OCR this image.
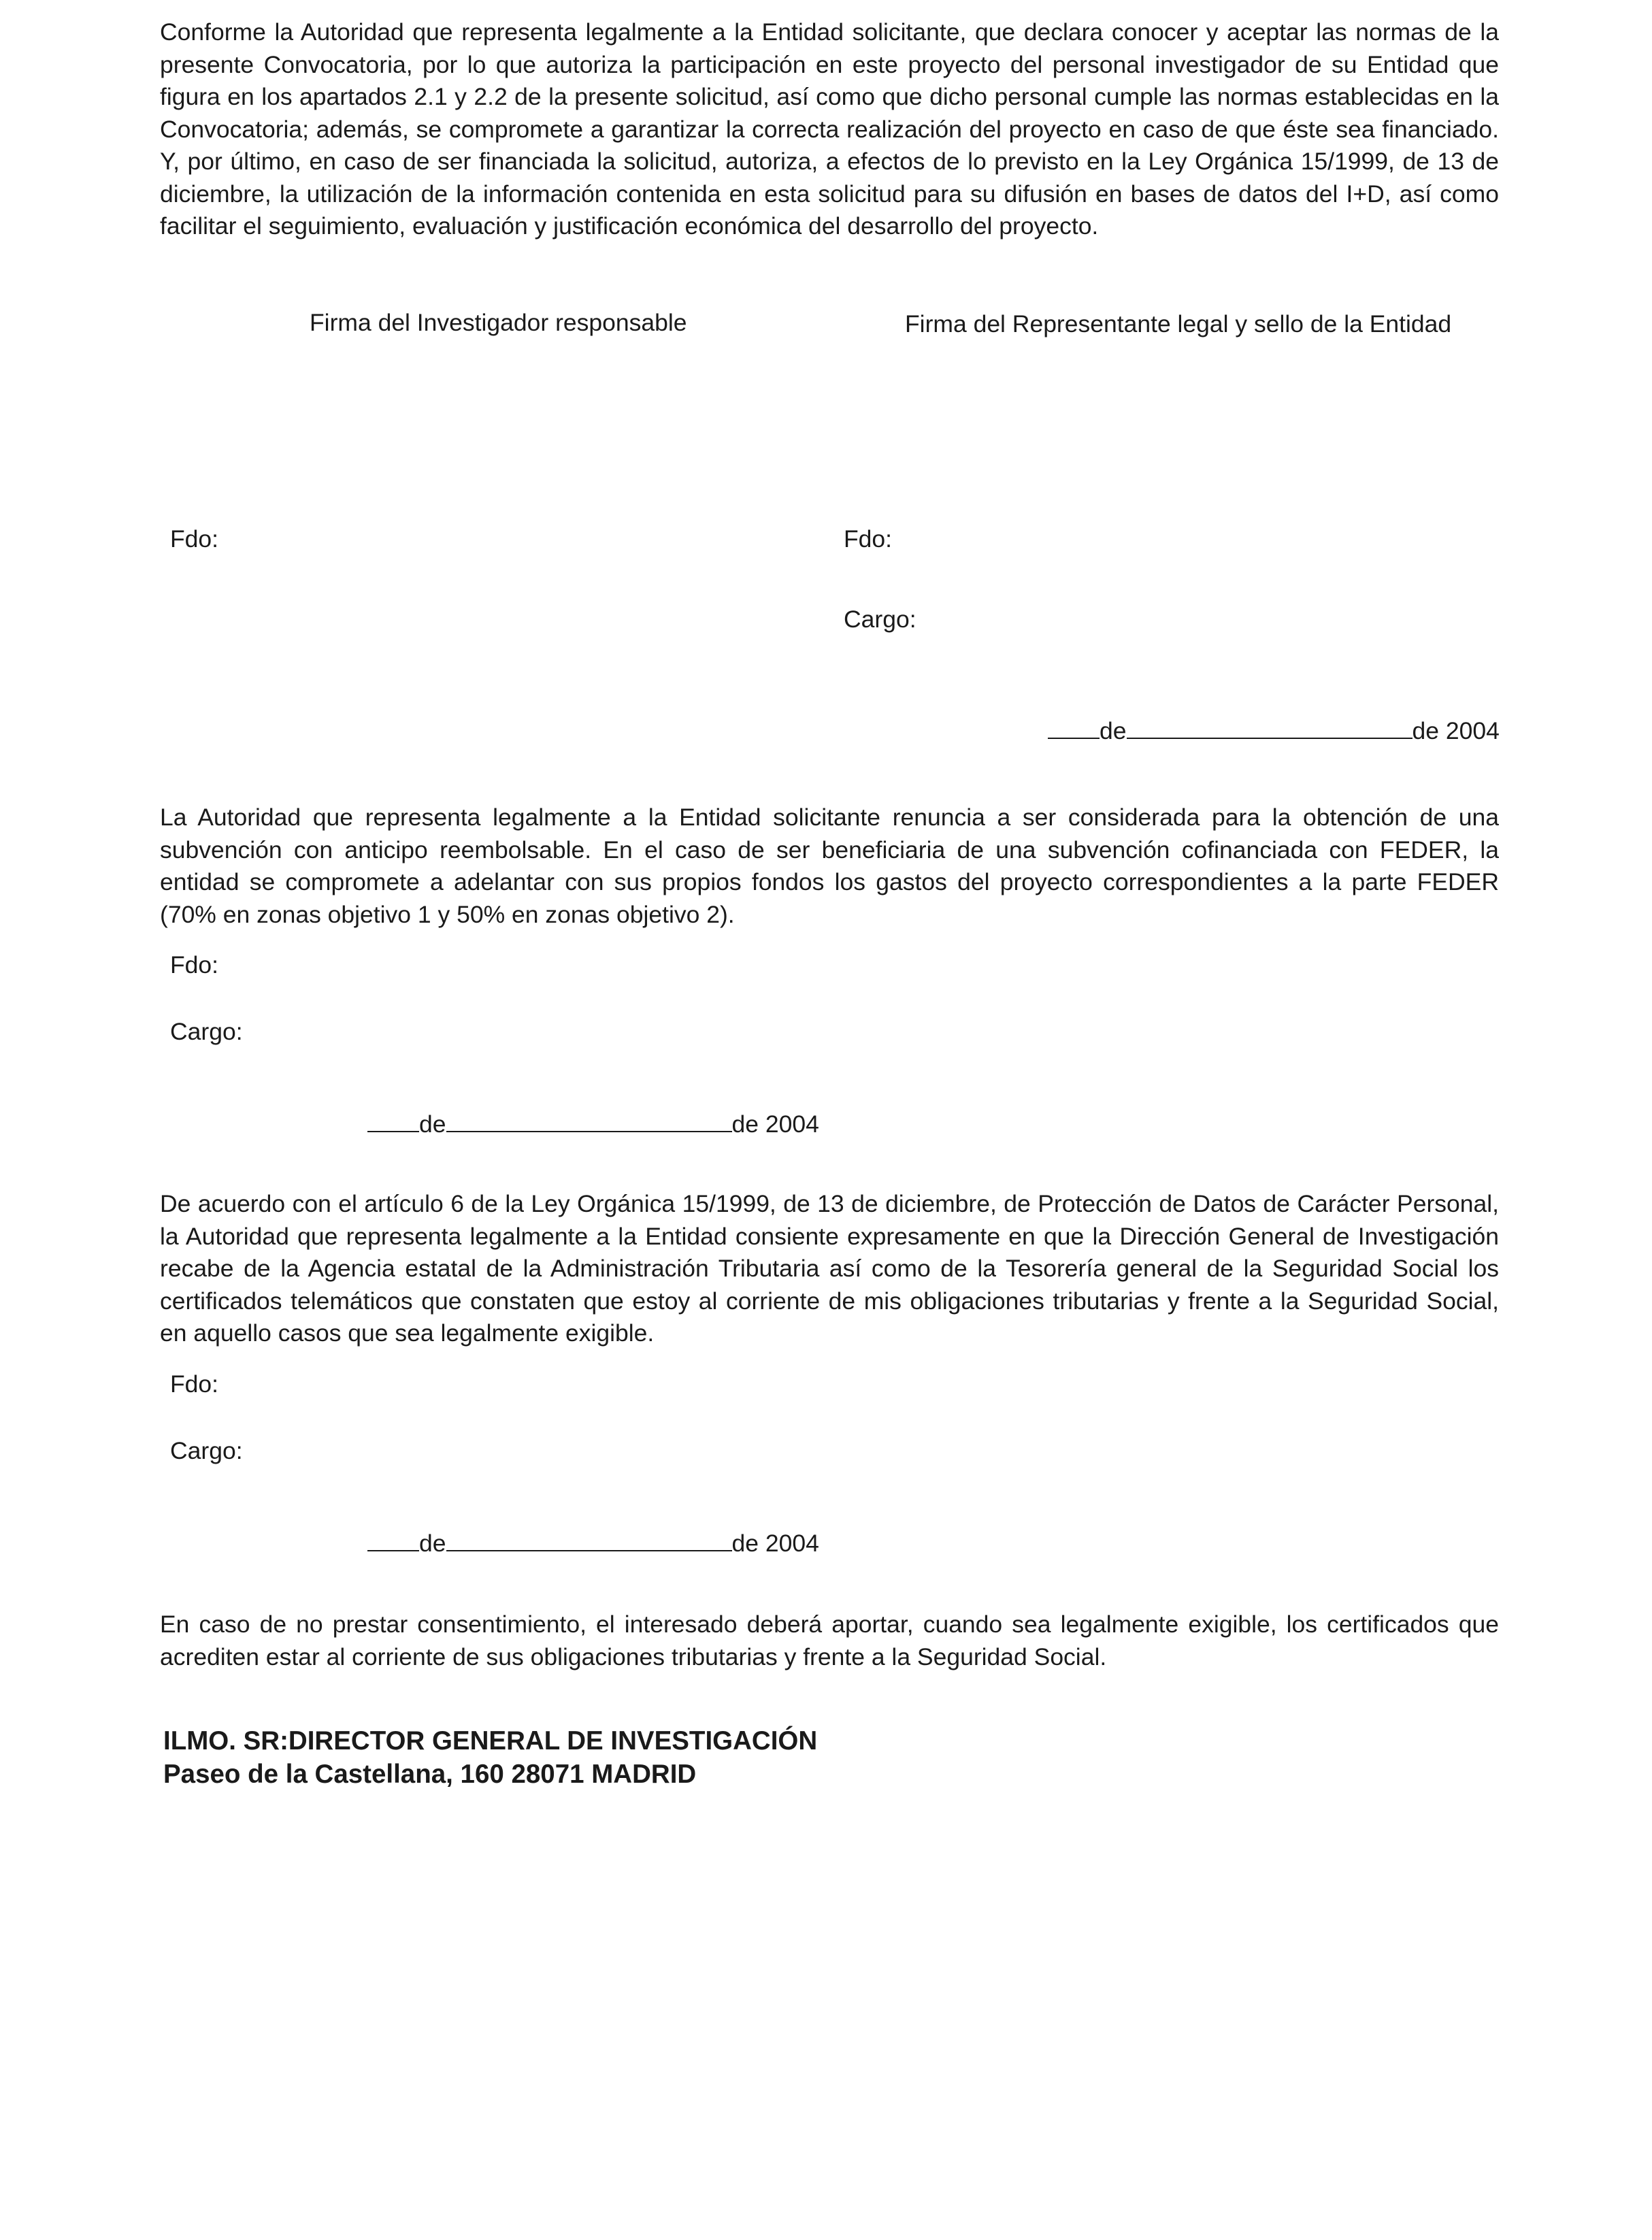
Conforme la Autoridad que representa legalmente a la Entidad solicitante, que declara conocer y aceptar las normas de la presente Convocatoria, por lo que autoriza la participación en este proyecto del personal investigador de su Entidad que figura en los apartados 2.1 y 2.2 de la presente solicitud, así como que dicho personal cumple las normas establecidas en la Convocatoria; además, se compromete a garantizar la correcta realización del proyecto en caso de que éste sea financiado. Y, por último, en caso de ser financiada la solicitud, autoriza, a efectos de lo previsto en la Ley Orgánica 15/1999, de 13 de diciembre, la utilización de la información contenida en esta solicitud para su difusión en bases de datos del I+D, así como facilitar el seguimiento, evaluación y justificación económica del desarrollo del proyecto.

Firma del Investigador responsable	Firma del Representante legal y sello de la Entidad
Fdo:	Fdo:
Cargo:
de	de 2004

La Autoridad que representa legalmente a la Entidad solicitante renuncia a ser considerada para la obtención de una subvención con anticipo reembolsable. En el caso de ser beneficiaria de una subvención cofinanciada con FEDER, la entidad se compromete a adelantar con sus propios fondos los gastos del proyecto correspondientes a la parte FEDER (70% en zonas objetivo 1 y 50% en zonas objetivo 2).

Fdo:
Cargo:
de	de 2004

De acuerdo con el artículo 6 de la Ley Orgánica 15/1999, de 13 de diciembre, de Protección de Datos de Carácter Personal, la Autoridad que representa legalmente a la Entidad consiente expresamente en que la Dirección General de Investigación recabe de la Agencia estatal de la Administración Tributaria así como de la Tesorería general de la Seguridad Social los certificados telemáticos que constaten que estoy al corriente de mis obligaciones tributarias y frente a la Seguridad Social, en aquello casos que sea legalmente exigible.

Fdo:
Cargo:
de	de 2004

En caso de no prestar consentimiento, el interesado deberá aportar, cuando sea legalmente exigible, los certificados que acrediten estar al corriente de sus obligaciones tributarias y frente a la Seguridad Social.

ILMO. SR:DIRECTOR GENERAL DE INVESTIGACIÓN
Paseo de la Castellana, 160 28071 MADRID
